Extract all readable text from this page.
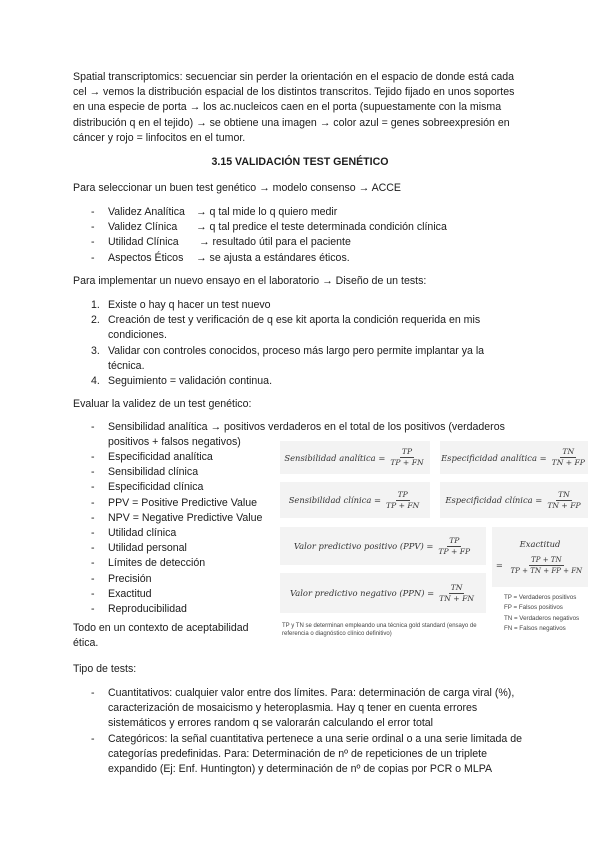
Spatial transcriptomics: secuenciar sin perder la orientación en el espacio de donde está cada cel → vemos la distribución espacial de los distintos transcritos. Tejido fijado en unos soportes en una especie de porta → los ac.nucleicos caen en el porta (supuestamente con la misma distribución q en el tejido) → se obtiene una imagen → color azul = genes sobreexpresión en cáncer y rojo = linfocitos en el tumor.

3.15 VALIDACIÓN TEST GENÉTICO

Para seleccionar un buen test genético → modelo consenso → ACCE

- Validez Analítica → q tal mide lo q quiero medir
- Validez Clínica → q tal predice el teste determinada condición clínica
- Utilidad Clínica → resultado útil para el paciente
- Aspectos Éticos → se ajusta a estándares éticos.

Para implementar un nuevo ensayo en el laboratorio → Diseño de un tests:

1. Existe o hay q hacer un test nuevo
2. Creación de test y verificación de q ese kit aporta la condición requerida en mis condiciones.
3. Validar con controles conocidos, proceso más largo pero permite implantar ya la técnica.
4. Seguimiento = validación continua.

Evaluar la validez de un test genético:

- Sensibilidad analítica → positivos verdaderos en el total de los positivos (verdaderos positivos + falsos negativos)
- Especificidad analítica
- Sensibilidad clínica
- Especificidad clínica
- PPV = Positive Predictive Value
- NPV = Negative Predictive Value
- Utilidad clínica
- Utilidad personal
- Límites de detección
- Precisión
- Exactitud
- Reproducibilidad
Sensibilidad analítica = $\frac{TP}{TP + FN}$ Especificidad analítica = $\frac{TN}{TN + FP}$
Sensibilidad clínica = $\frac{TP}{TP + FN}$	Especificidad clínica = $\frac{TN}{TN + FP}$
Valor predictivo positivo $(PPV) = \frac{TP}{TP + FP}$
Valor predictivo negativo $(PPN) = \frac{TN}{TN + FN}$
Exactitud
= $\frac{TP + TN}{TP + TN + FP + FN}$
TP = Verdaderos positivos
FP = Falsos positivos
TN = Verdaderos negativos
FN = Falsos negativos
TP y TN se determinan empleando una técnica gold standard (ensayo de referencia o diagnóstico clínico definitivo)

Todo en un contexto de aceptabilidad ética.

Tipo de tests:

- Cuantitativos: cualquier valor entre dos límites. Para: determinación de carga viral (%), caracterización de mosaicismo y heteroplasmia. Hay q tener en cuenta errores sistemáticos y errores random q se valorarán calculando el error total
- Categóricos: la señal cuantitativa pertenece a una serie ordinal o a una serie limitada de categorías predefinidas. Para: Determinación de nº de repeticiones de un triplete expandido (Ej: Enf. Huntington) y determinación de nº de copias por PCR o MLPA
